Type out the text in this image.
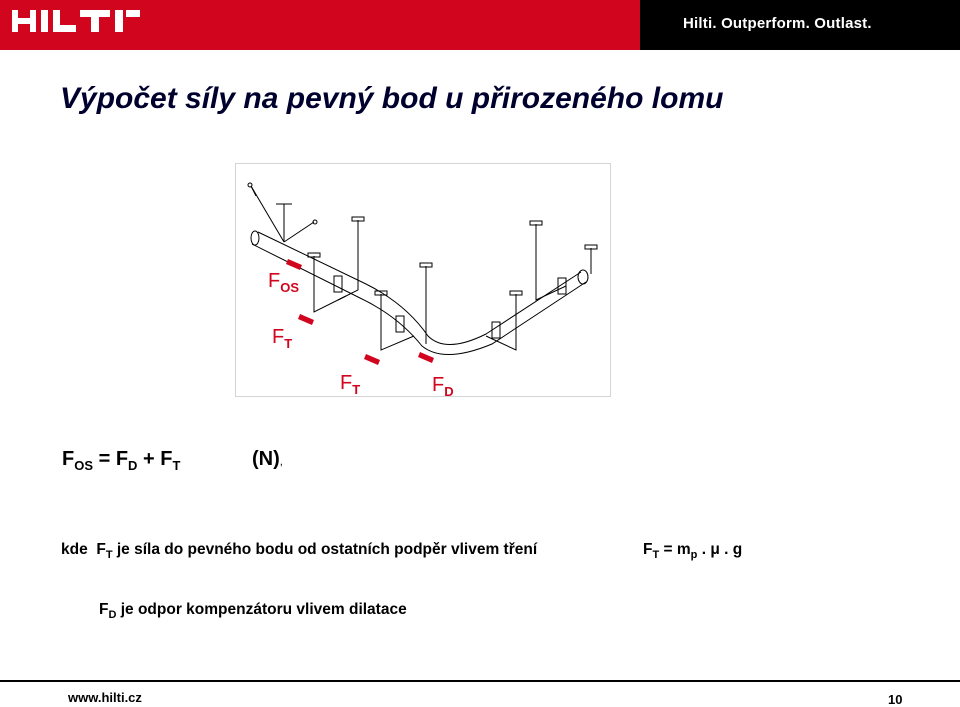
Hilti. Outperform. Outlast.
Výpočet síly na pevný bod u přirozeného lomu
$F_{OS}$
$F_T$
$F_T$	$F_D$
$F_{OS} = F_D + F_T$	(N),
kde $F_T$ je síla do pevného bodu od ostatních podpěr vlivem tření	$F_T = m_p$ . μ . g
$F_D$ je odpor kompenzátoru vlivem dilatace
www.hilti.cz	10
